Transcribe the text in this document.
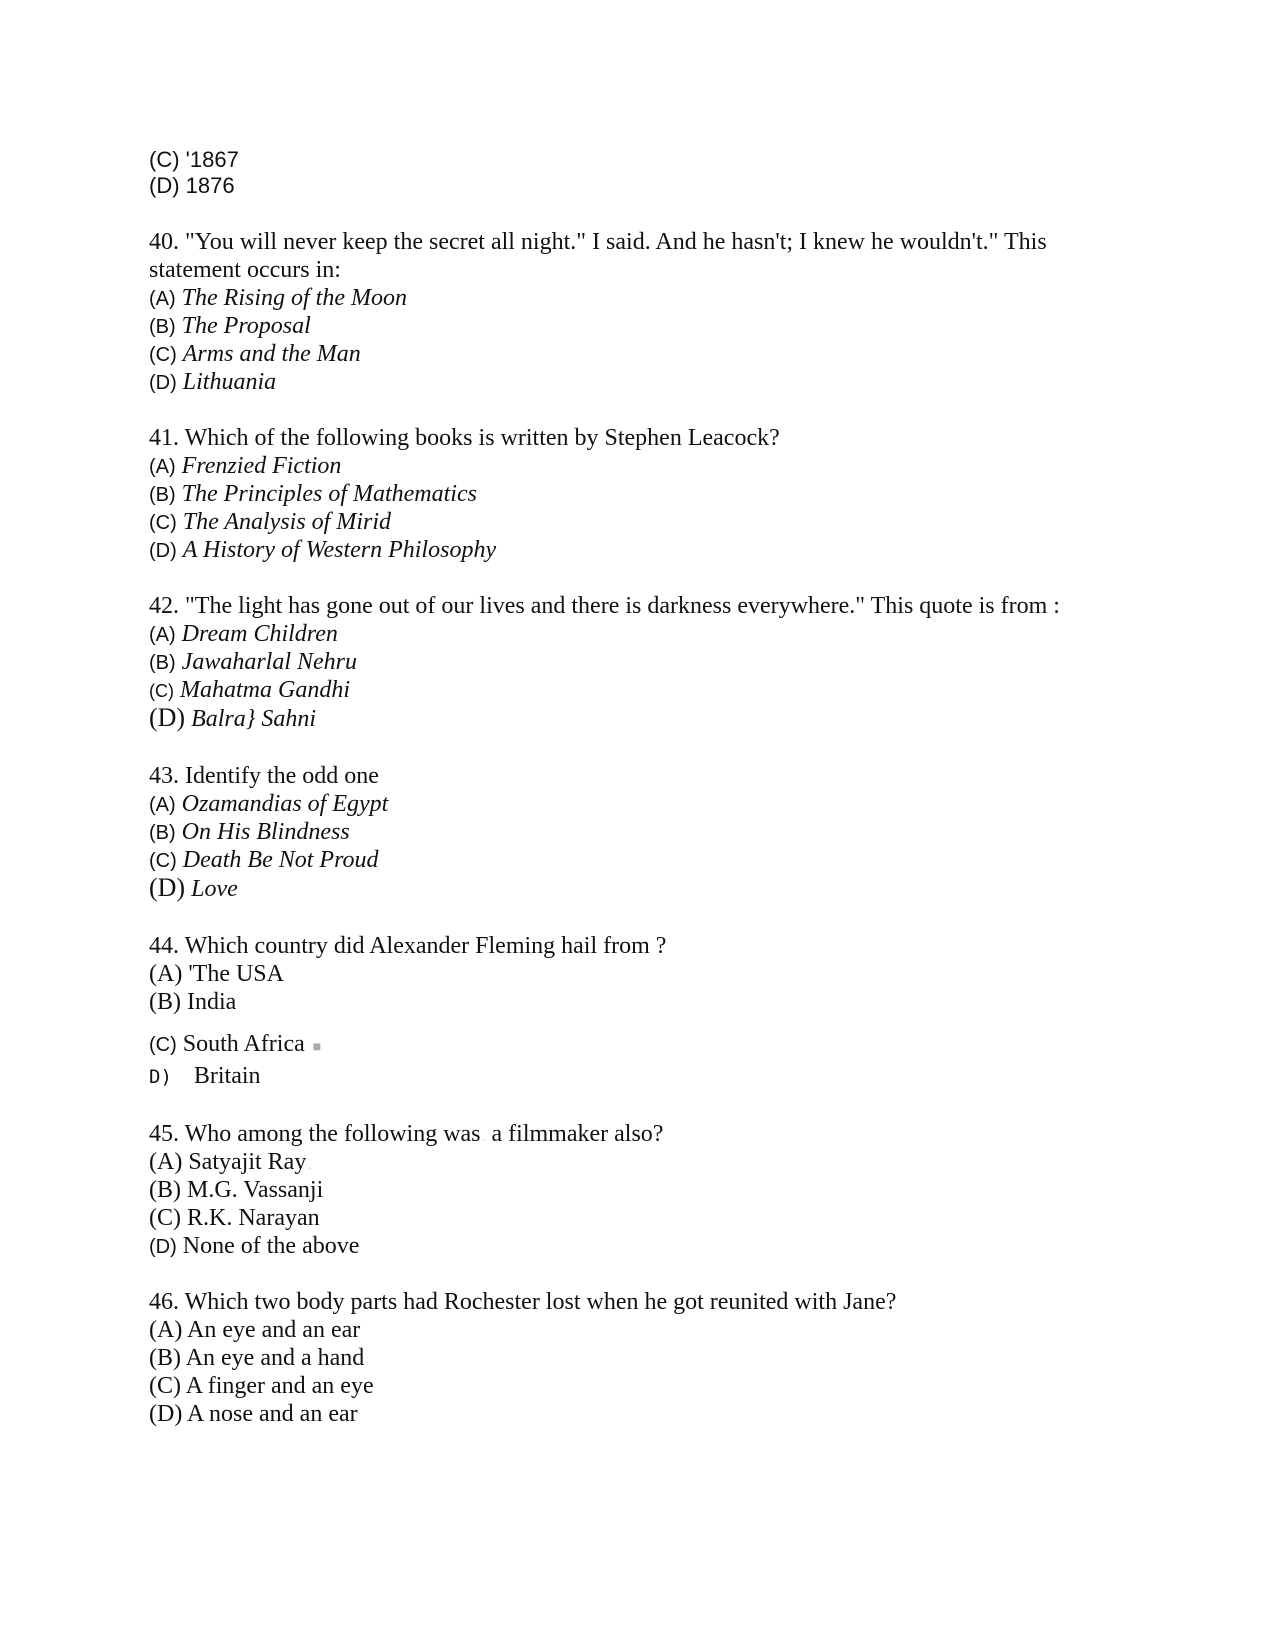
(C) '1867
(D) 1876
40. "You will never keep the secret all night." I said. And he hasn't; I knew he wouldn't." This
statement occurs in:
(A) The Rising of the Moon
(B) The Proposal
(C) Arms and the Man
(D) Lithuania
41. Which of the following books is written by Stephen Leacock?
(A) Frenzied Fiction
(B) The Principles of Mathematics
(C) The Analysis of Mirid
(D) A History of Western Philosophy
42. "The light has gone out of our lives and there is darkness everywhere." This quote is from :
(A) Dream Children
(B) Jawaharlal Nehru
(C) Mahatma Gandhi
(D) Balra} Sahni
43. Identify the odd one
(A) Ozamandias of Egypt
(B) On His Blindness
(C) Death Be Not Proud
(D) Love
44. Which country did Alexander Fleming hail from ?
(A) 'The USA
(B) India
(C) South Africa ■
D) Britain
45. Who among the following was . a filmmaker also?
(A) Satyajit Ray .
(B) M.G. Vassanji
(C) R.K. Narayan
(D) None of the above
46. Which two body parts had Rochester lost when he got reunited with Jane?
(A) An eye and an ear
(B) An eye and a hand
(C) A finger and an eye
(D) A nose and an ear
